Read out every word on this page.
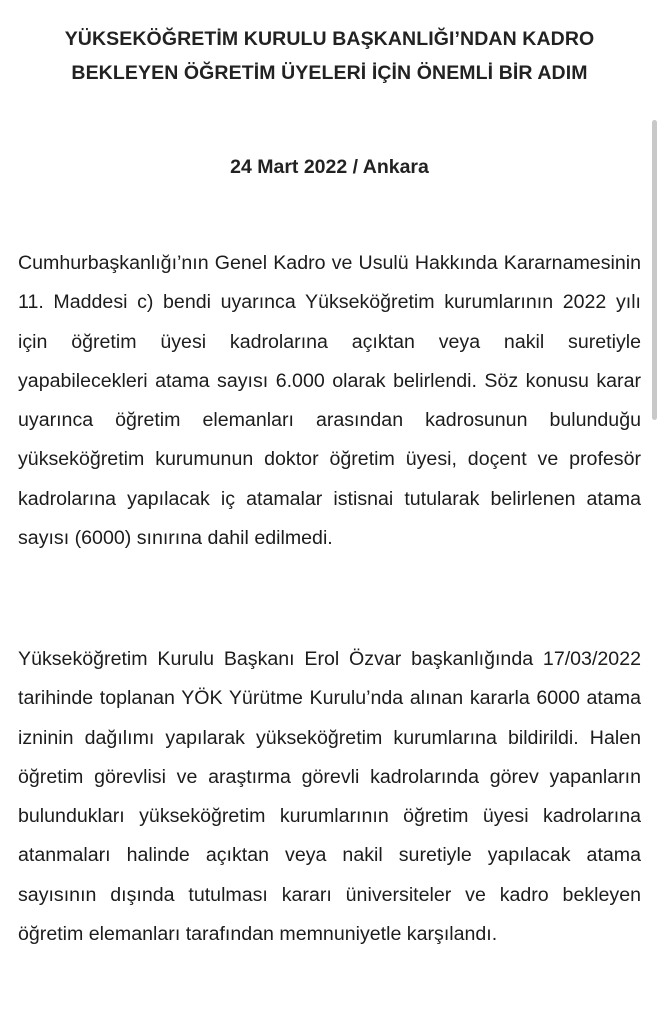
YÜKSEKÖĞRETİM KURULU BAŞKANLIĞI’NDAN KADRO BEKLEYEN ÖĞRETİM ÜYELERİ İÇİN ÖNEMLİ BİR ADIM

24 Mart 2022 / Ankara

Cumhurbaşkanlığı’nın Genel Kadro ve Usulü Hakkında Kararnamesinin 11. Maddesi c) bendi uyarınca Yükseköğretim kurumlarının 2022 yılı için öğretim üyesi kadrolarına açıktan veya nakil suretiyle yapabilecekleri atama sayısı 6.000 olarak belirlendi. Söz konusu karar uyarınca öğretim elemanları arasından kadrosunun bulunduğu yükseköğretim kurumunun doktor öğretim üyesi, doçent ve profesör kadrolarına yapılacak iç atamalar istisnai tutularak belirlenen atama sayısı (6000) sınırına dahil edilmedi.

Yükseköğretim Kurulu Başkanı Erol Özvar başkanlığında 17/03/2022 tarihinde toplanan YÖK Yürütme Kurulu’nda alınan kararla 6000 atama izninin dağılımı yapılarak yükseköğretim kurumlarına bildirildi. Halen öğretim görevlisi ve araştırma görevli kadrolarında görev yapanların bulundukları yükseköğretim kurumlarının öğretim üyesi kadrolarına atanmaları halinde açıktan veya nakil suretiyle yapılacak atama sayısının dışında tutulması kararı üniversiteler ve kadro bekleyen öğretim elemanları tarafından memnuniyetle karşılandı.
